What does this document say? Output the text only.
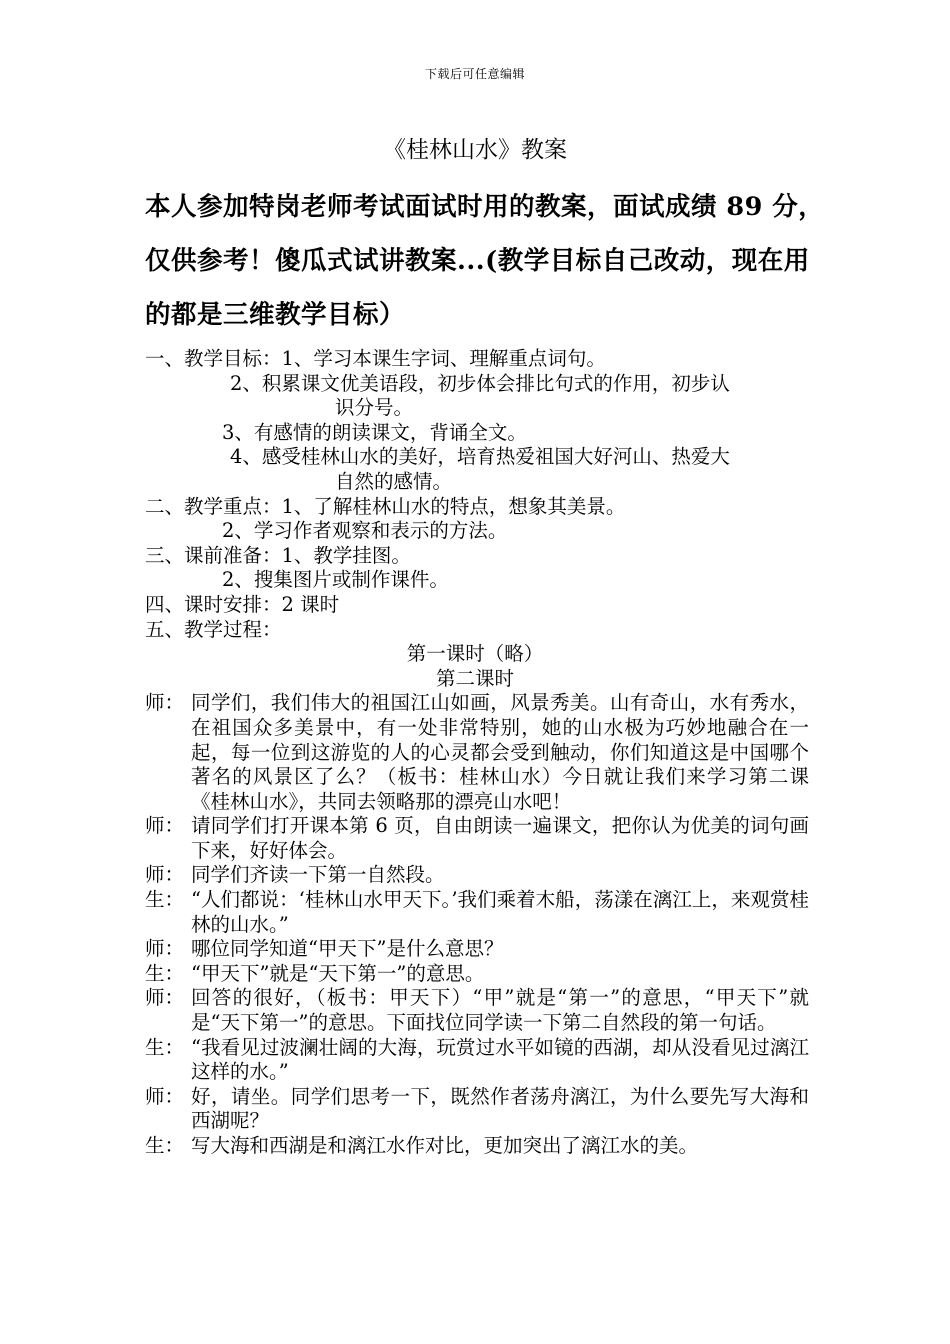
下载后可任意编辑
《桂林山水》教案
本人参加特岗老师考试面试时用的教案，面试成绩 89 分，
仅供参考！傻瓜式试讲教案...(教学目标自己改动，现在用
的都是三维教学目标）
一、教学目标：1、学习本课生字词、理解重点词句。
2、积累课文优美语段，初步体会排比句式的作用，初步认
识分号。
3、有感情的朗读课文，背诵全文。
4、感受桂林山水的美好，培育热爱祖国大好河山、热爱大
自然的感情。
二、教学重点：1、了解桂林山水的特点，想象其美景。
2、学习作者观察和表示的方法。
三、课前准备：1、教学挂图。
2、搜集图片或制作课件。
四、课时安排：2 课时
五、教学过程：
第一课时（略）
第二课时
师： 同学们，我们伟大的祖国江山如画，风景秀美。山有奇山，水有秀水，在祖国众多美景中，有一处非常特别，她的山水极为巧妙地融合在一起，每一位到这游览的人的心灵都会受到触动，你们知道这是中国哪个著名的风景区了么？（板书：桂林山水）今日就让我们来学习第二课《桂林山水》，共同去领略那的漂亮山水吧！
师： 请同学们打开课本第 6 页，自由朗读一遍课文，把你认为优美的词句画下来，好好体会。
师： 同学们齐读一下第一自然段。
生： “人们都说：‘桂林山水甲天下。’我们乘着木船，荡漾在漓江上，来观赏桂林的山水。”
师： 哪位同学知道“甲天下”是什么意思？
生： “甲天下”就是“天下第一”的意思。
师： 回答的很好，（板书：甲天下）“甲”就是“第一”的意思，“甲天下”就是“天下第一”的意思。下面找位同学读一下第二自然段的第一句话。
生： “我看见过波澜壮阔的大海，玩赏过水平如镜的西湖，却从没看见过漓江这样的水。”
师： 好，请坐。同学们思考一下，既然作者荡舟漓江，为什么要先写大海和西湖呢？
生： 写大海和西湖是和漓江水作对比，更加突出了漓江水的美。
